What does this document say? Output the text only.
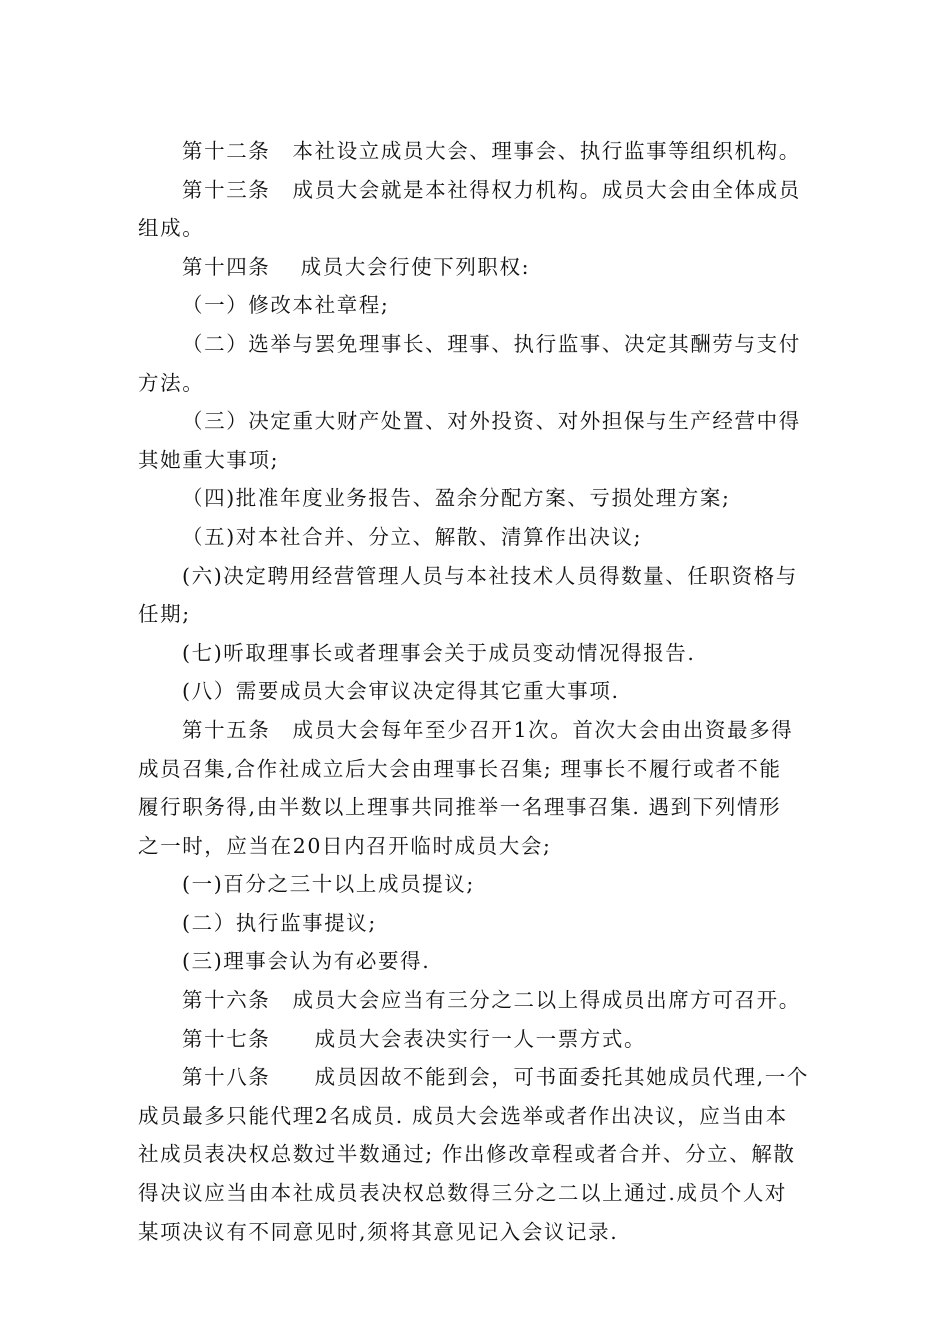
第十二条　本社设立成员大会、理事会、执行监事等组织机构。
第十三条　成员大会就是本社得权力机构。成员大会由全体成员
组成。
第十四条　 成员大会行使下列职权:
（一）修改本社章程;
（二）选举与罢免理事长、理事、执行监事、决定其酬劳与支付
方法。
（三）决定重大财产处置、对外投资、对外担保与生产经营中得
其她重大事项;
（四)批准年度业务报告、盈余分配方案、亏损处理方案;
（五)对本社合并、分立、解散、清算作出决议;
(六)决定聘用经营管理人员与本社技术人员得数量、任职资格与
任期;
(七)听取理事长或者理事会关于成员变动情况得报告.
(八）需要成员大会审议决定得其它重大事项.
第十五条　成员大会每年至少召开1次。首次大会由出资最多得
成员召集,合作社成立后大会由理事长召集; 理事长不履行或者不能
履行职务得,由半数以上理事共同推举一名理事召集. 遇到下列情形
之一时，应当在20日内召开临时成员大会;
(一)百分之三十以上成员提议;
(二）执行监事提议;
(三)理事会认为有必要得.
第十六条　成员大会应当有三分之二以上得成员出席方可召开。
第十七条　　成员大会表决实行一人一票方式。
第十八条　　成员因故不能到会，可书面委托其她成员代理,一个
成员最多只能代理2名成员. 成员大会选举或者作出决议，应当由本
社成员表决权总数过半数通过; 作出修改章程或者合并、分立、解散
得决议应当由本社成员表决权总数得三分之二以上通过.成员个人对
某项决议有不同意见时,须将其意见记入会议记录.
